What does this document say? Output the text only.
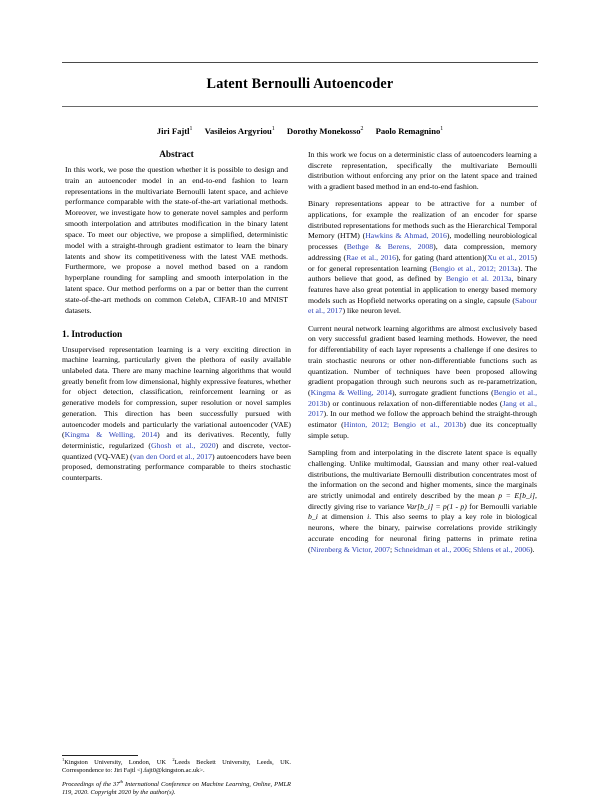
Latent Bernoulli Autoencoder
Jiri Fajtl$^1$ Vasileios Argyriou$^1$ Dorothy Monekosso$^2$ Paolo Remagnino$^1$
Abstract

In this work, we pose the question whether it is possible to design and train an autoencoder model in an end-to-end fashion to learn representations in the multivariate Bernoulli latent space, and achieve performance comparable with the state-of-the-art variational methods. Moreover, we investigate how to generate novel samples and perform smooth interpolation and attributes modification in the binary latent space. To meet our objective, we propose a simplified, deterministic model with a straight-through gradient estimator to learn the binary latents and show its competitiveness with the latest VAE methods. Furthermore, we propose a novel method based on a random hyperplane rounding for sampling and smooth interpolation in the latent space. Our method performs on a par or better than the current state-of-the-art methods on common CelebA, CIFAR-10 and MNIST datasets.

1. Introduction

Unsupervised representation learning is a very exciting direction in machine learning, particularly given the plethora of easily available unlabeled data. There are many machine learning algorithms that would greatly benefit from low dimensional, highly expressive features, whether for object detection, classification, reinforcement learning or as generative models for compression, super resolution or novel samples generation. This direction has been successfully pursued with autoencoder models and particularly the variational autoencoder (VAE) (Kingma & Welling, 2014) and its derivatives. Recently, fully deterministic, regularized (Ghosh et al., 2020) and discrete, vector-quantized (VQ-VAE) (van den Oord et al., 2017) autoencoders have been proposed, demonstrating performance comparable to theirs stochastic counterparts.

$^1$Kingston University, London, UK $^2$Leeds Beckett University, Leeds, UK. Correspondence to: Jiri Fajtl <j.fajt0@kingston.ac.uk>.

Proceedings of the 37th International Conference on Machine Learning, Online, PMLR 119, 2020. Copyright 2020 by the author(s).

In this work we focus on a deterministic class of autoencoders learning a discrete representation, specifically the multivariate Bernoulli distribution without enforcing any prior on the latent space and trained with a gradient based method in an end-to-end fashion.

Binary representations appear to be attractive for a number of applications, for example the realization of an encoder for sparse distributed representations for methods such as the Hierarchical Temporal Memory (HTM) (Hawkins & Ahmad, 2016), modelling neurobiological processes (Bethge & Berens, 2008), data compression, memory addressing (Rae et al., 2016), for gating (hard attention)(Xu et al., 2015) or for general representation learning (Bengio et al., 2012; 2013a). The authors believe that good, as defined by Bengio et al. 2013a, binary features have also great potential in application to energy based memory models such as Hopfield networks operating on a single, capsule (Sabour et al., 2017) like neuron level.

Current neural network learning algorithms are almost exclusively based on very successful gradient based learning methods. However, the need for differentiability of each layer represents a challenge if one desires to train stochastic neurons or other non-differentiable functions such as quantization. Number of techniques have been proposed allowing gradient propagation through such neurons such as re-parametrization, (Kingma & Welling, 2014), surrogate gradient functions (Bengio et al., 2013b) or continuous relaxation of non-differentiable nodes (Jang et al., 2017). In our method we follow the approach behind the straight-through estimator (Hinton, 2012; Bengio et al., 2013b) due its conceptually simple setup.

Sampling from and interpolating in the discrete latent space is equally challenging. Unlike multimodal, Gaussian and many other real-valued distributions, the multivariate Bernoulli distribution concentrates most of the information on the second and higher moments, since the marginals are strictly unimodal and entirely described by the mean p = E[b_i], directly giving rise to variance Var[b_i] = p(1 - p) for Bernoulli variable b_i at dimension i. This also seems to play a key role in biological neurons, where the binary, pairwise correlations provide strikingly accurate encoding for neuronal firing patterns in primate retina (Nirenberg & Victor, 2007; Schneidman et al., 2006; Shlens et al., 2006).
